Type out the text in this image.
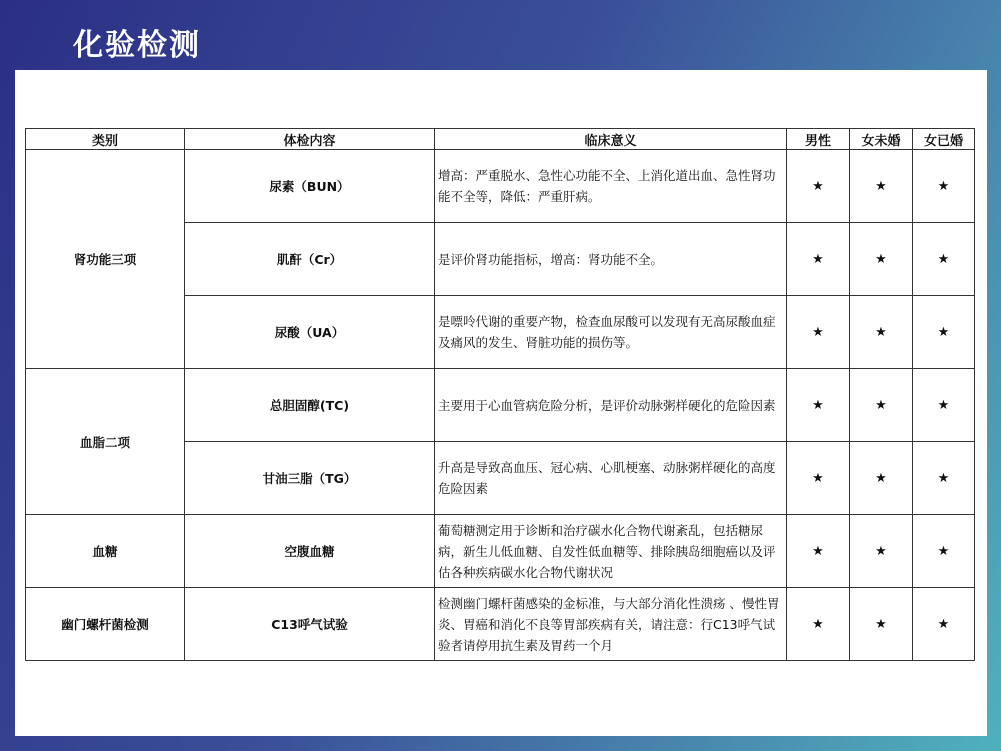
化验检测
类别	体检内容	临床意义	男性	女未婚	女已婚
肾功能三项	尿素（BUN）	增高：严重脱水、急性心功能不全、上消化道出血、急性肾功能不全等，降低：严重肝病。	★	★	★
	肌酐（Cr）	是评价肾功能指标，增高：肾功能不全。	★	★	★
	尿酸（UA）	是嘌呤代谢的重要产物，检查血尿酸可以发现有无高尿酸血症及痛风的发生、肾脏功能的损伤等。	★	★	★
血脂二项	总胆固醇(TC)	主要用于心血管病危险分析，是评价动脉粥样硬化的危险因素	★	★	★
	甘油三脂（TG）	升高是导致高血压、冠心病、心肌梗塞、动脉粥样硬化的高度危险因素	★	★	★
血糖	空腹血糖	葡萄糖测定用于诊断和治疗碳水化合物代谢紊乱，包括糖尿病，新生儿低血糖、自发性低血糖等、排除胰岛细胞癌以及评估各种疾病碳水化合物代谢状况	★	★	★
幽门螺杆菌检测	C13呼气试验	检测幽门螺杆菌感染的金标准，与大部分消化性溃疡 、慢性胃炎、胃癌和消化不良等胃部疾病有关，请注意：行C13呼气试验者请停用抗生素及胃药一个月	★	★	★
